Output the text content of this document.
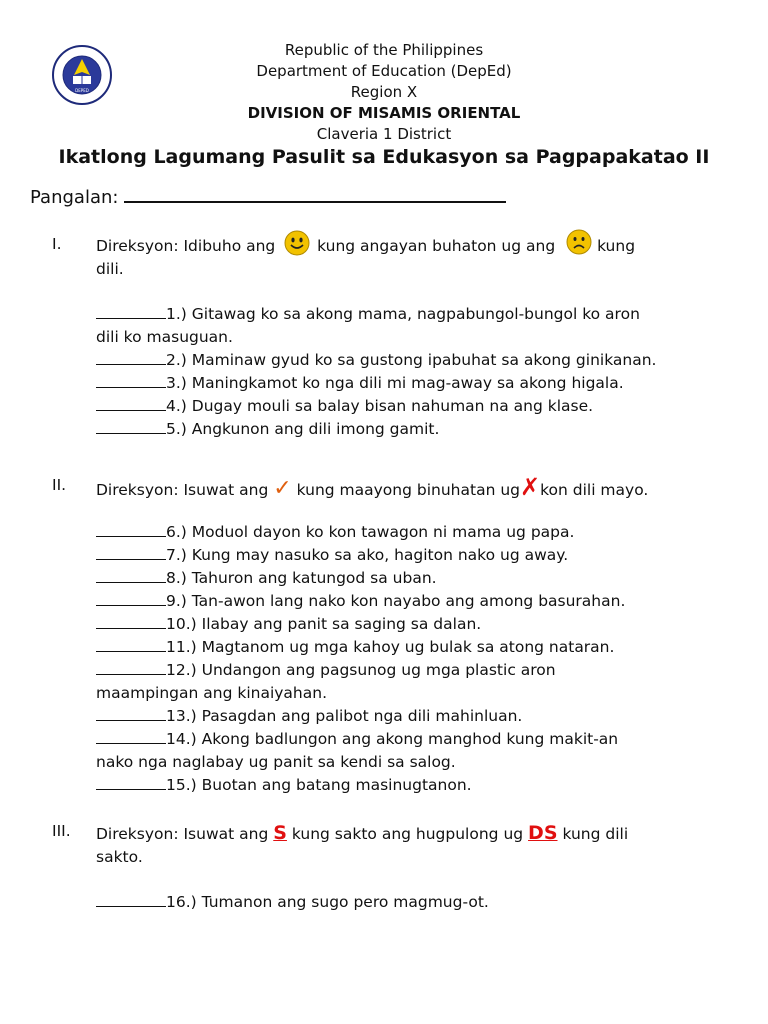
DEPED
Republic of the Philippines
Department of Education (DepEd)
Region X
DIVISION OF MISAMIS ORIENTAL
Claveria 1 District
Ikatlong Lagumang Pasulit sa Edukasyon sa Pagpapakatao II
Pangalan:
I. Direksyon: Idibuho ang	kung angayan buhaton ug ang	kung
dili.
1.) Gitawag ko sa akong mama, nagpabungol-bungol ko aron
dili ko masuguan.
2.) Maminaw gyud ko sa gustong ipabuhat sa akong ginikanan.
3.) Maningkamot ko nga dili mi mag-away sa akong higala.
4.) Dugay mouli sa balay bisan nahuman na ang klase.
5.) Angkunon ang dili imong gamit.
II. Direksyon: Isuwat ang ✓ kung maayong binuhatan ug✗kon dili mayo.
6.) Moduol dayon ko kon tawagon ni mama ug papa.
7.) Kung may nasuko sa ako, hagiton nako ug away.
8.) Tahuron ang katungod sa uban.
9.) Tan-awon lang nako kon nayabo ang among basurahan.
10.) Ilabay ang panit sa saging sa dalan.
11.) Magtanom ug mga kahoy ug bulak sa atong nataran.
12.) Undangon ang pagsunog ug mga plastic aron
maampingan ang kinaiyahan.
13.) Pasagdan ang palibot nga dili mahinluan.
14.) Akong badlungon ang akong manghod kung makit-an
nako nga naglabay ug panit sa kendi sa salog.
15.) Buotan ang batang masinugtanon.
III. Direksyon: Isuwat ang S kung sakto ang hugpulong ug DS kung dili
sakto.
16.) Tumanon ang sugo pero magmug-ot.
